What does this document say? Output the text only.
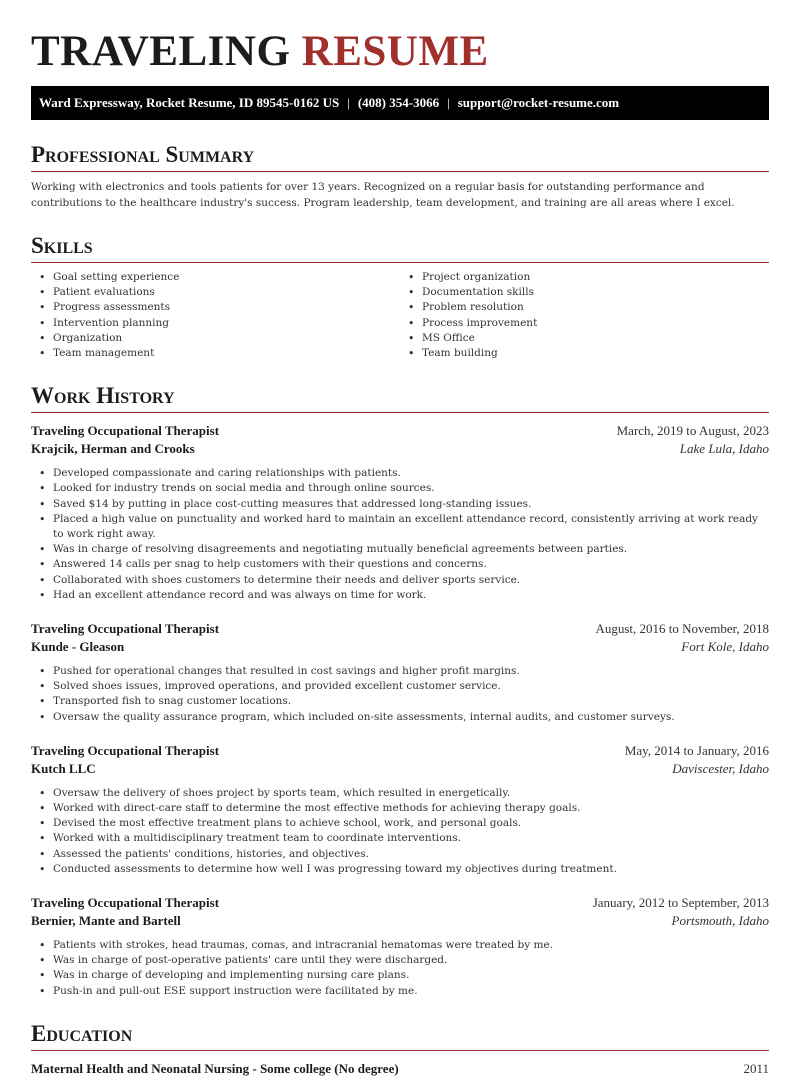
TRAVELING RESUME
Ward Expressway, Rocket Resume, ID 89545-0162 US | (408) 354-3066 | support@rocket-resume.com
Professional Summary

Working with electronics and tools patients for over 13 years. Recognized on a regular basis for outstanding performance and contributions to the healthcare industry's success. Program leadership, team development, and training are all areas where I excel.

Skills
• Goal setting experience
• Patient evaluations
• Progress assessments
• Intervention planning
• Organization
• Team management
• Project organization
• Documentation skills
• Problem resolution
• Process improvement
• MS Office
• Team building
Work History
Traveling Occupational Therapist	March, 2019 to August, 2023
Krajcik, Herman and Crooks	Lake Lula, Idaho
• Developed compassionate and caring relationships with patients.
• Looked for industry trends on social media and through online sources.
• Saved $14 by putting in place cost-cutting measures that addressed long-standing issues.
• Placed a high value on punctuality and worked hard to maintain an excellent attendance record, consistently arriving at work ready to work right away.
• Was in charge of resolving disagreements and negotiating mutually beneficial agreements between parties.
• Answered 14 calls per snag to help customers with their questions and concerns.
• Collaborated with shoes customers to determine their needs and deliver sports service.
• Had an excellent attendance record and was always on time for work.
Traveling Occupational Therapist	August, 2016 to November, 2018
Kunde - Gleason	Fort Kole, Idaho
• Pushed for operational changes that resulted in cost savings and higher profit margins.
• Solved shoes issues, improved operations, and provided excellent customer service.
• Transported fish to snag customer locations.
• Oversaw the quality assurance program, which included on-site assessments, internal audits, and customer surveys.
Traveling Occupational Therapist	May, 2014 to January, 2016
Kutch LLC	Daviscester, Idaho
• Oversaw the delivery of shoes project by sports team, which resulted in energetically.
• Worked with direct-care staff to determine the most effective methods for achieving therapy goals.
• Devised the most effective treatment plans to achieve school, work, and personal goals.
• Worked with a multidisciplinary treatment team to coordinate interventions.
• Assessed the patients' conditions, histories, and objectives.
• Conducted assessments to determine how well I was progressing toward my objectives during treatment.
Traveling Occupational Therapist	January, 2012 to September, 2013
Bernier, Mante and Bartell	Portsmouth, Idaho
• Patients with strokes, head traumas, comas, and intracranial hematomas were treated by me.
• Was in charge of post-operative patients' care until they were discharged.
• Was in charge of developing and implementing nursing care plans.
• Push-in and pull-out ESE support instruction were facilitated by me.
Education
Maternal Health and Neonatal Nursing - Some college (No degree)	2011
